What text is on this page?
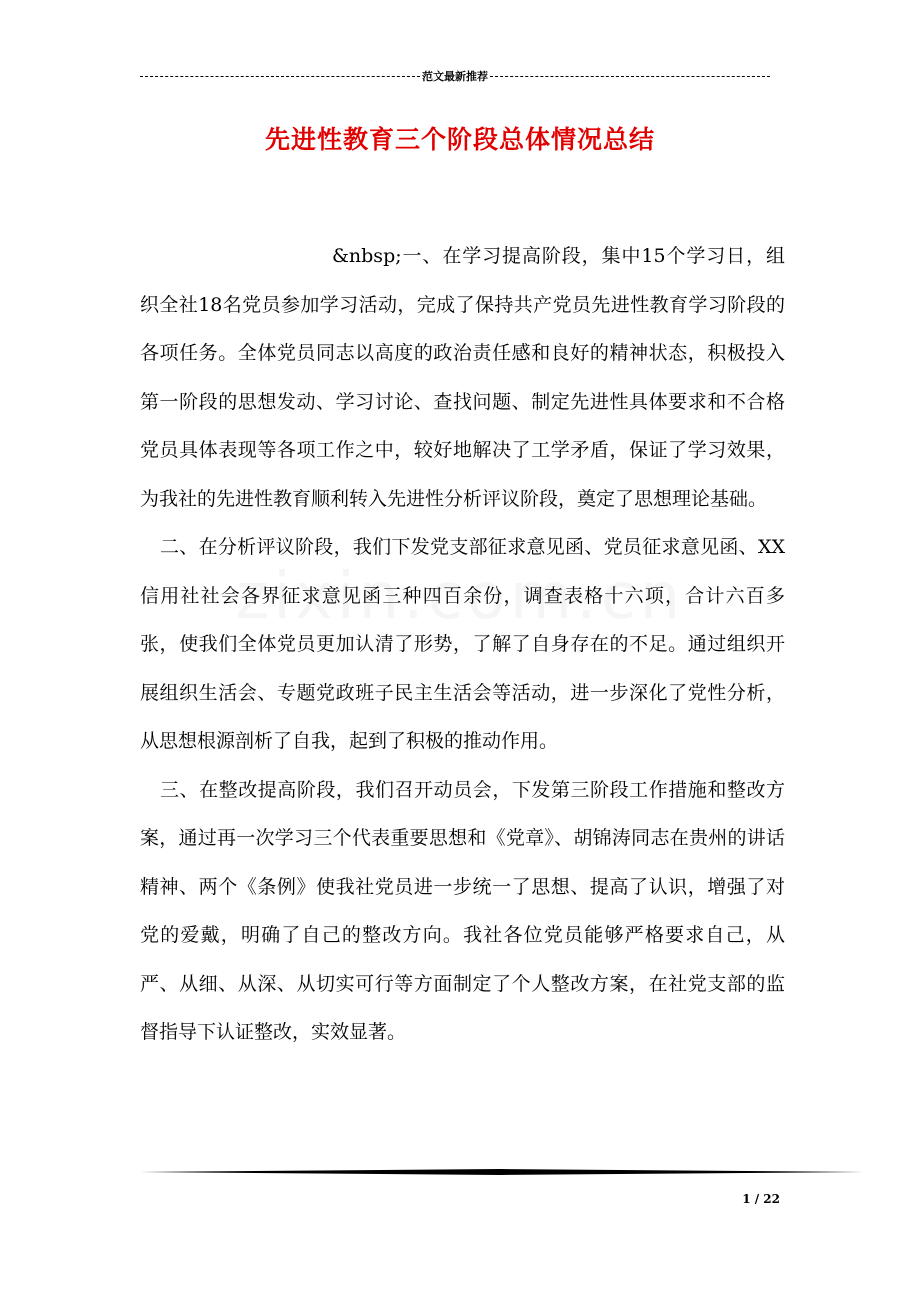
范文最新推荐
先进性教育三个阶段总体情况总结

&nbsp;一、在学习提高阶段，集中15个学习日，组织全社18名党员参加学习活动，完成了保持共产党员先进性教育学习阶段的各项任务。全体党员同志以高度的政治责任感和良好的精神状态，积极投入第一阶段的思想发动、学习讨论、查找问题、制定先进性具体要求和不合格党员具体表现等各项工作之中，较好地解决了工学矛盾，保证了学习效果，为我社的先进性教育顺利转入先进性分析评议阶段，奠定了思想理论基础。

二、在分析评议阶段，我们下发党支部征求意见函、党员征求意见函、XX信用社社会各界征求意见函三种四百余份，调查表格十六项，合计六百多张，使我们全体党员更加认清了形势，了解了自身存在的不足。通过组织开展组织生活会、专题党政班子民主生活会等活动，进一步深化了党性分析，从思想根源剖析了自我，起到了积极的推动作用。

三、在整改提高阶段，我们召开动员会，下发第三阶段工作措施和整改方案，通过再一次学习三个代表重要思想和《党章》、胡锦涛同志在贵州的讲话精神、两个《条例》使我社党员进一步统一了思想、提高了认识，增强了对党的爱戴，明确了自己的整改方向。我社各位党员能够严格要求自己，从严、从细、从深、从切实可行等方面制定了个人整改方案，在社党支部的监督指导下认证整改，实效显著。

1 / 22
